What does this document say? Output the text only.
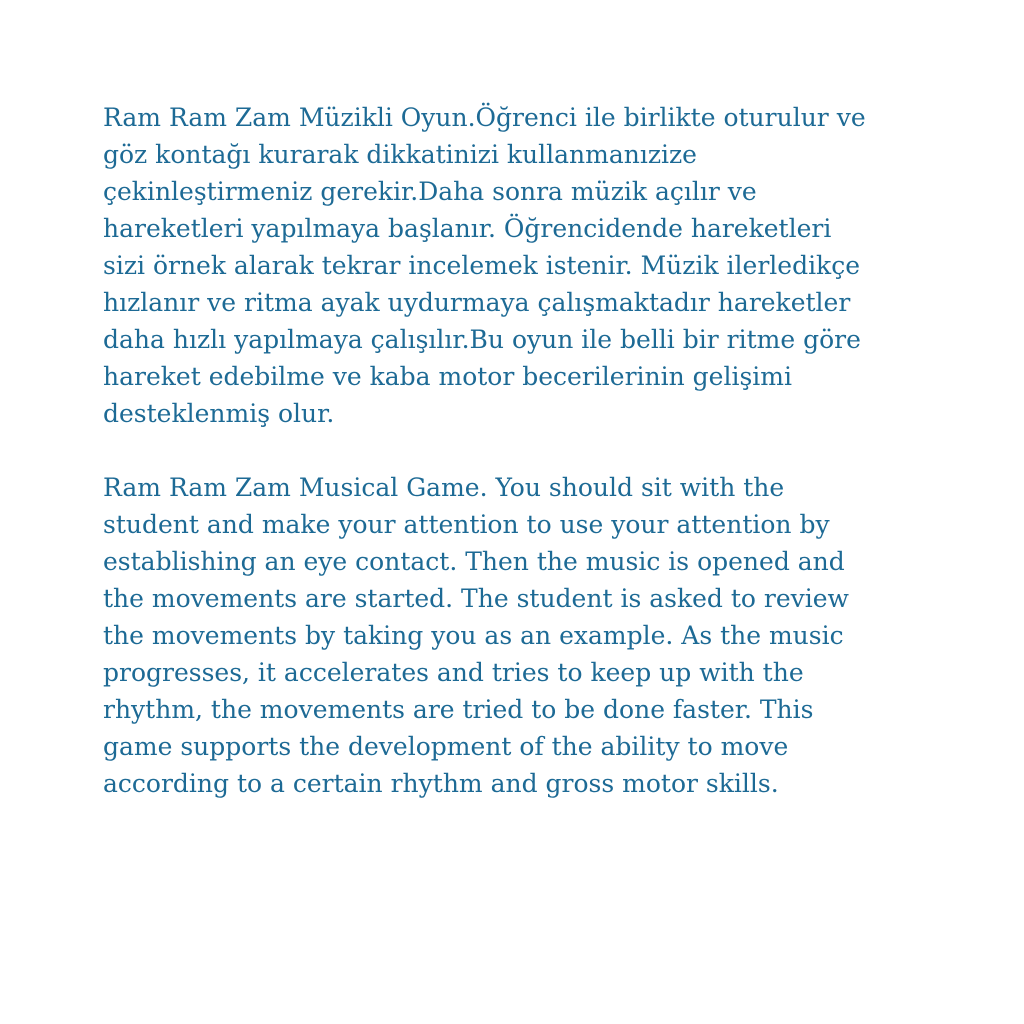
Ram Ram Zam Müzikli Oyun.Öğrenci ile birlikte oturulur ve
göz kontağı kurarak dikkatinizi kullanmanızize
çekinleştirmeniz gerekir.Daha sonra müzik açılır ve
hareketleri yapılmaya başlanır. Öğrencidende hareketleri
sizi örnek alarak tekrar incelemek istenir. Müzik ilerledikçe
hızlanır ve ritma ayak uydurmaya çalışmaktadır hareketler
daha hızlı yapılmaya çalışılır.Bu oyun ile belli bir ritme göre
hareket edebilme ve kaba motor becerilerinin gelişimi
desteklenmiş olur.

Ram Ram Zam Musical Game. You should sit with the
student and make your attention to use your attention by
establishing an eye contact. Then the music is opened and
the movements are started. The student is asked to review
the movements by taking you as an example. As the music
progresses, it accelerates and tries to keep up with the
rhythm, the movements are tried to be done faster. This
game supports the development of the ability to move
according to a certain rhythm and gross motor skills.
